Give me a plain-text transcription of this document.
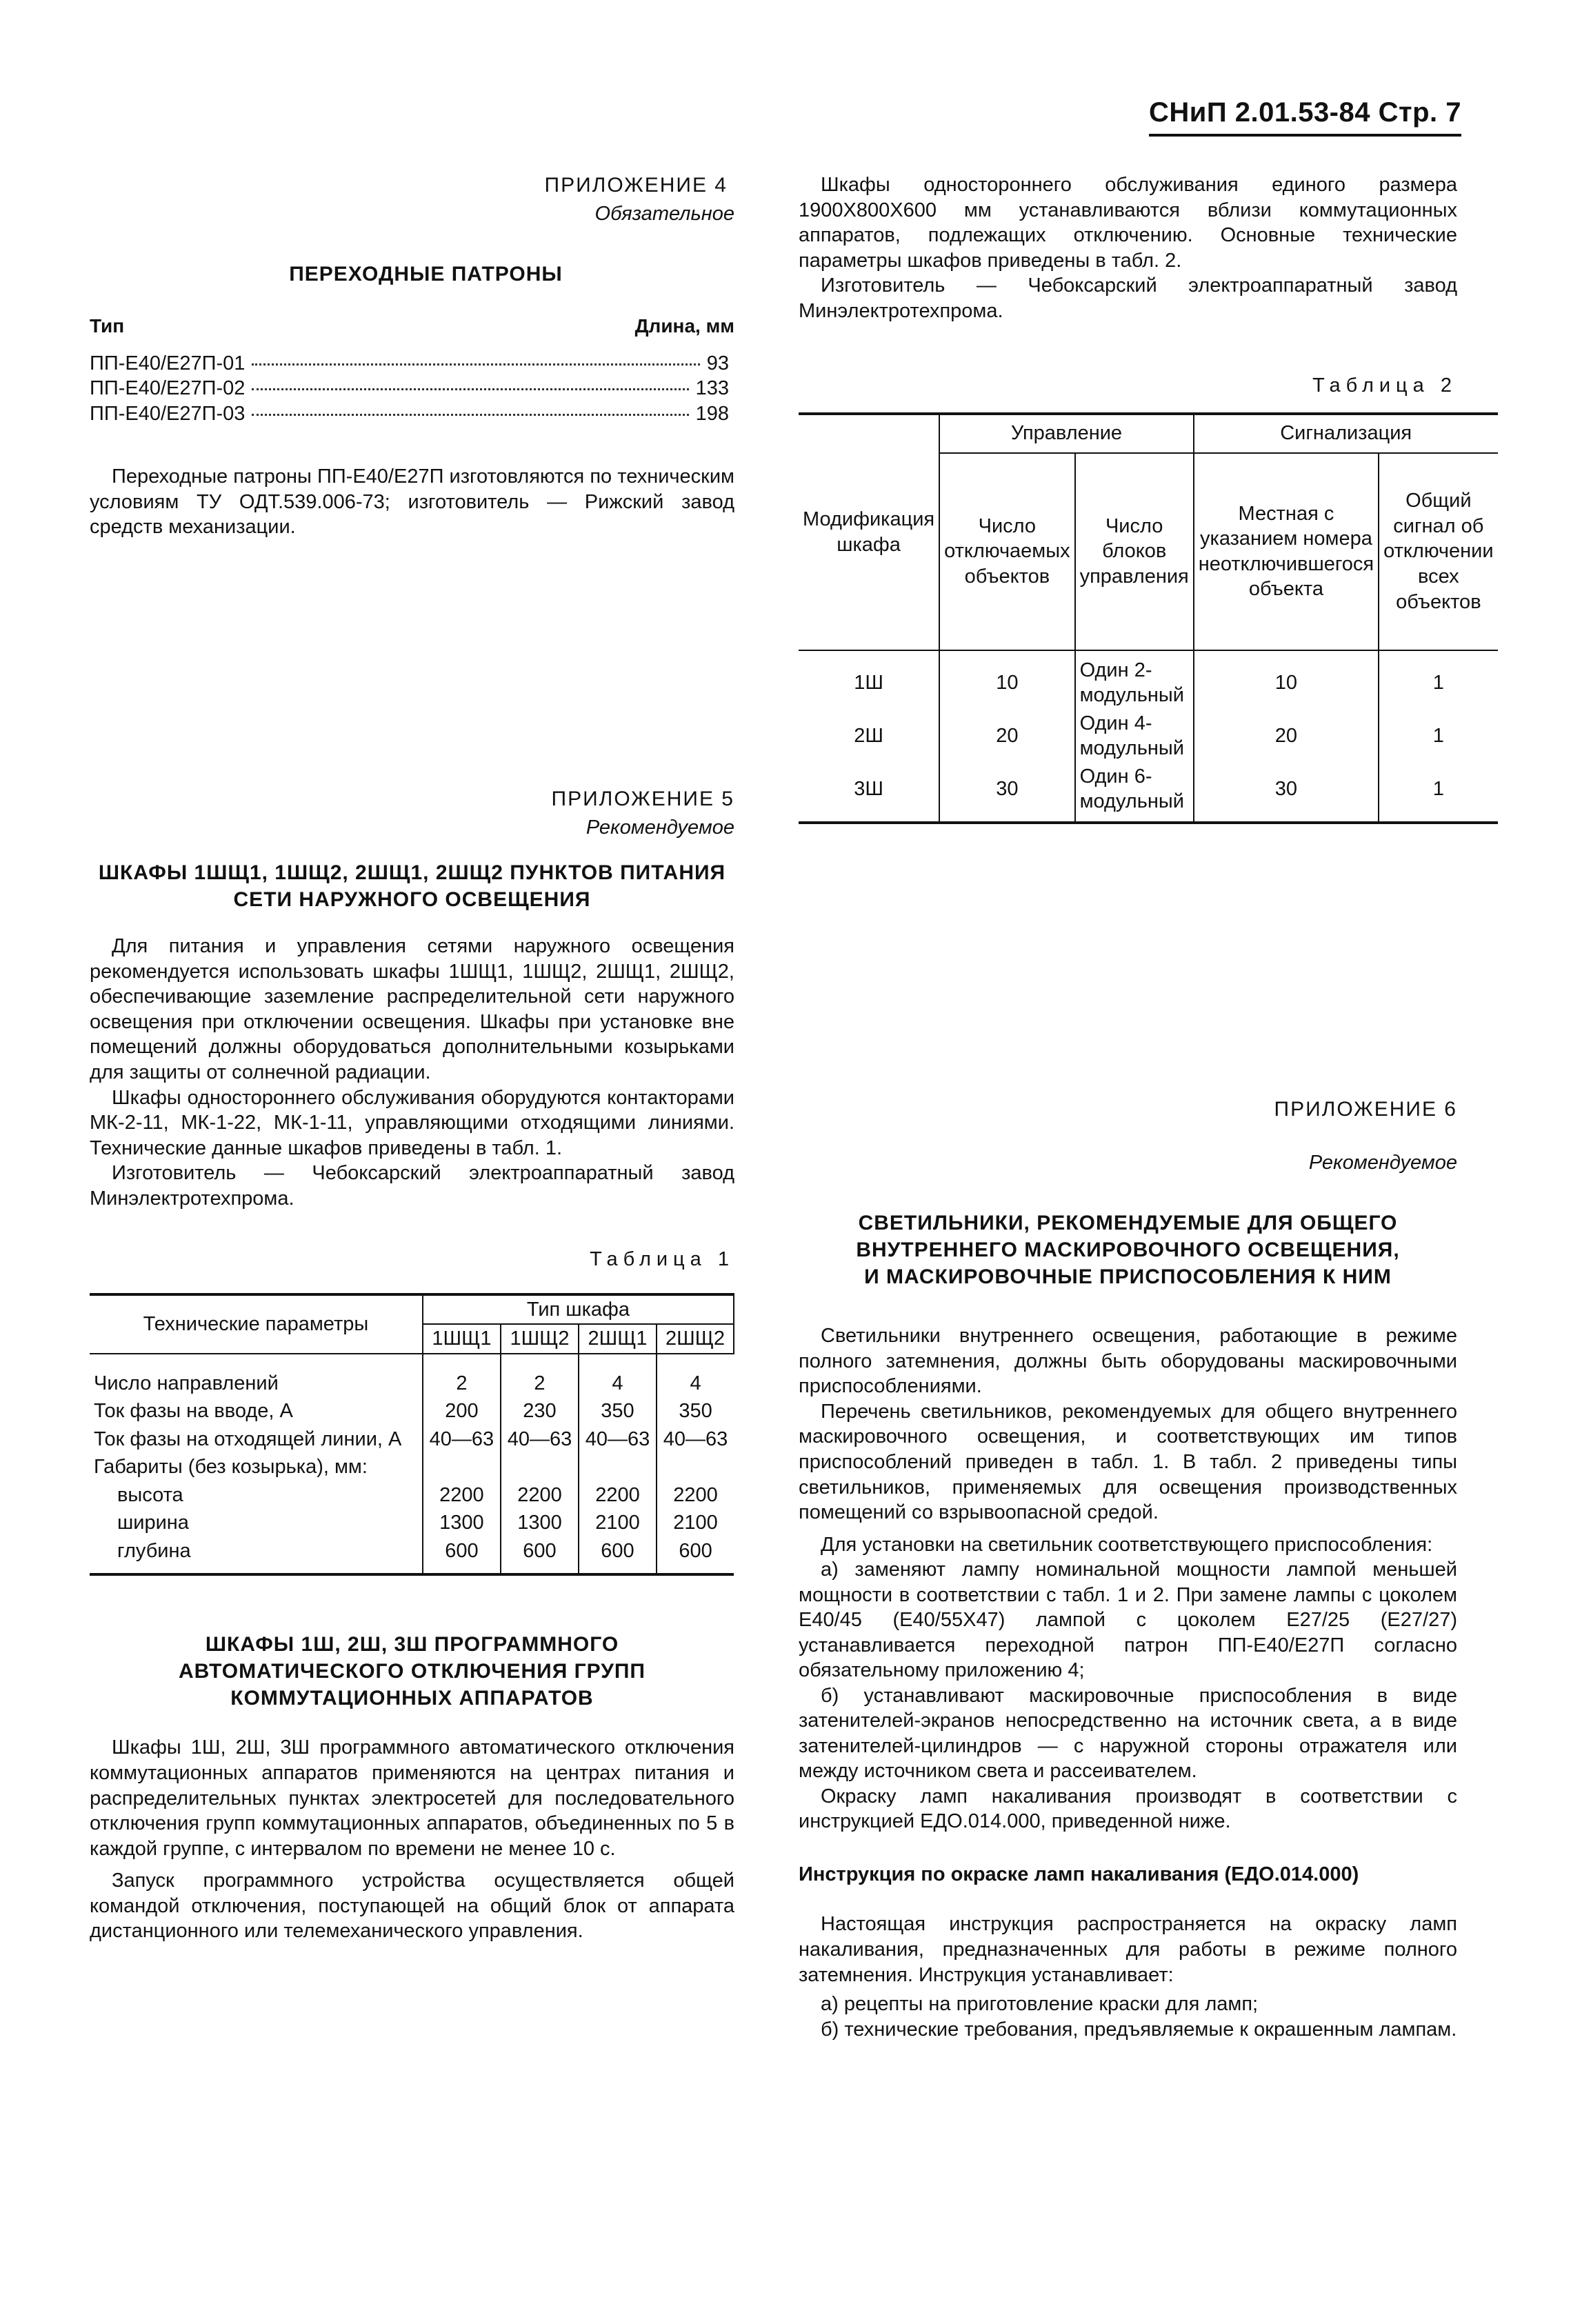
СНиП 2.01.53-84 Стр. 7
ПРИЛОЖЕНИЕ 4
Обязательное
ПЕРЕХОДНЫЕ ПАТРОНЫ
Тип	Длина, мм
ПП-Е40/Е27П-01	93
ПП-Е40/Е27П-02	133
ПП-Е40/Е27П-03	198

Переходные патроны ПП-Е40/Е27П изготовляются по техническим условиям ТУ ОДТ.539.006-73; изготовитель — Рижский завод средств механизации.

ПРИЛОЖЕНИЕ 5
Рекомендуемое
ШКАФЫ 1ШЩ1, 1ШЩ2, 2ШЩ1, 2ШЩ2 ПУНКТОВ ПИТАНИЯ
СЕТИ НАРУЖНОГО ОСВЕЩЕНИЯ

Для питания и управления сетями наружного освещения рекомендуется использовать шкафы 1ШЩ1, 1ШЩ2, 2ШЩ1, 2ШЩ2, обеспечивающие заземление распределительной сети наружного освещения при отключении освещения. Шкафы при установке вне помещений должны оборудоваться дополнительными козырьками для защиты от солнечной радиации.

Шкафы одностороннего обслуживания оборудуются контакторами МК-2-11, МК-1-22, МК-1-11, управляющими отходящими линиями. Технические данные шкафов приведены в табл. 1.

Изготовитель — Чебоксарский электроаппаратный завод Минэлектротехпрома.

Таблица 1
Технические параметры	Тип шкафа			
	1ШЩ1	1ШЩ2	2ШЩ1	2ШЩ2
Число направлений	2	2	4	4
Ток фазы на вводе, А	200	230	350	350
Ток фазы на отходящей линии, А	40—63	40—63	40—63	40—63
Габариты (без козырька), мм:				
высота	2200	2200	2200	2200
ширина	1300	1300	2100	2100
глубина	600	600	600	600
ШКАФЫ 1Ш, 2Ш, 3Ш ПРОГРАММНОГО
АВТОМАТИЧЕСКОГО ОТКЛЮЧЕНИЯ ГРУПП
КОММУТАЦИОННЫХ АППАРАТОВ

Шкафы 1Ш, 2Ш, 3Ш программного автоматического отключения коммутационных аппаратов применяются на центрах питания и распределительных пунктах электросетей для последовательного отключения групп коммутационных аппаратов, объединенных по 5 в каждой группе, с интервалом по времени не менее 10 с.

Запуск программного устройства осуществляется общей командой отключения, поступающей на общий блок от аппарата дистанционного или телемеханического управления.

Шкафы одностороннего обслуживания единого размера 1900Х800Х600 мм устанавливаются вблизи коммутационных аппаратов, подлежащих отключению. Основные технические параметры шкафов приведены в табл. 2.

Изготовитель — Чебоксарский электроаппаратный завод Минэлектротехпрома.

Таблица 2
Модификация шкафа	Управление		Сигнализация	
	Число отключаемых объектов	Число блоков управления	Местная с указанием номера неотключившегося объекта	Общий сигнал об отключении всех объектов
1Ш	10	Один 2-модульный	10	1
2Ш	20	Один 4-модульный	20	1
3Ш	30	Один 6-модульный	30	1
ПРИЛОЖЕНИЕ 6
Рекомендуемое
СВЕТИЛЬНИКИ, РЕКОМЕНДУЕМЫЕ ДЛЯ ОБЩЕГО
ВНУТРЕННЕГО МАСКИРОВОЧНОГО ОСВЕЩЕНИЯ,
И МАСКИРОВОЧНЫЕ ПРИСПОСОБЛЕНИЯ К НИМ

Светильники внутреннего освещения, работающие в режиме полного затемнения, должны быть оборудованы маскировочными приспособлениями.

Перечень светильников, рекомендуемых для общего внутреннего маскировочного освещения, и соответствующих им типов приспособлений приведен в табл. 1. В табл. 2 приведены типы светильников, применяемых для освещения производственных помещений со взрывоопасной средой.

Для установки на светильник соответствующего приспособления:

а) заменяют лампу номинальной мощности лампой меньшей мощности в соответствии с табл. 1 и 2. При замене лампы с цоколем Е40/45 (Е40/55Х47) лампой с цоколем Е27/25 (Е27/27) устанавливается переходной патрон ПП-Е40/Е27П согласно обязательному приложению 4;

б) устанавливают маскировочные приспособления в виде затенителей-экранов непосредственно на источник света, а в виде затенителей-цилиндров — с наружной стороны отражателя или между источником света и рассеивателем.

Окраску ламп накаливания производят в соответствии с инструкцией ЕДО.014.000, приведенной ниже.

Инструкция по окраске ламп накаливания (ЕДО.014.000)

Настоящая инструкция распространяется на окраску ламп накаливания, предназначенных для работы в режиме полного затемнения. Инструкция устанавливает:

а) рецепты на приготовление краски для ламп;

б) технические требования, предъявляемые к окрашенным лампам.
